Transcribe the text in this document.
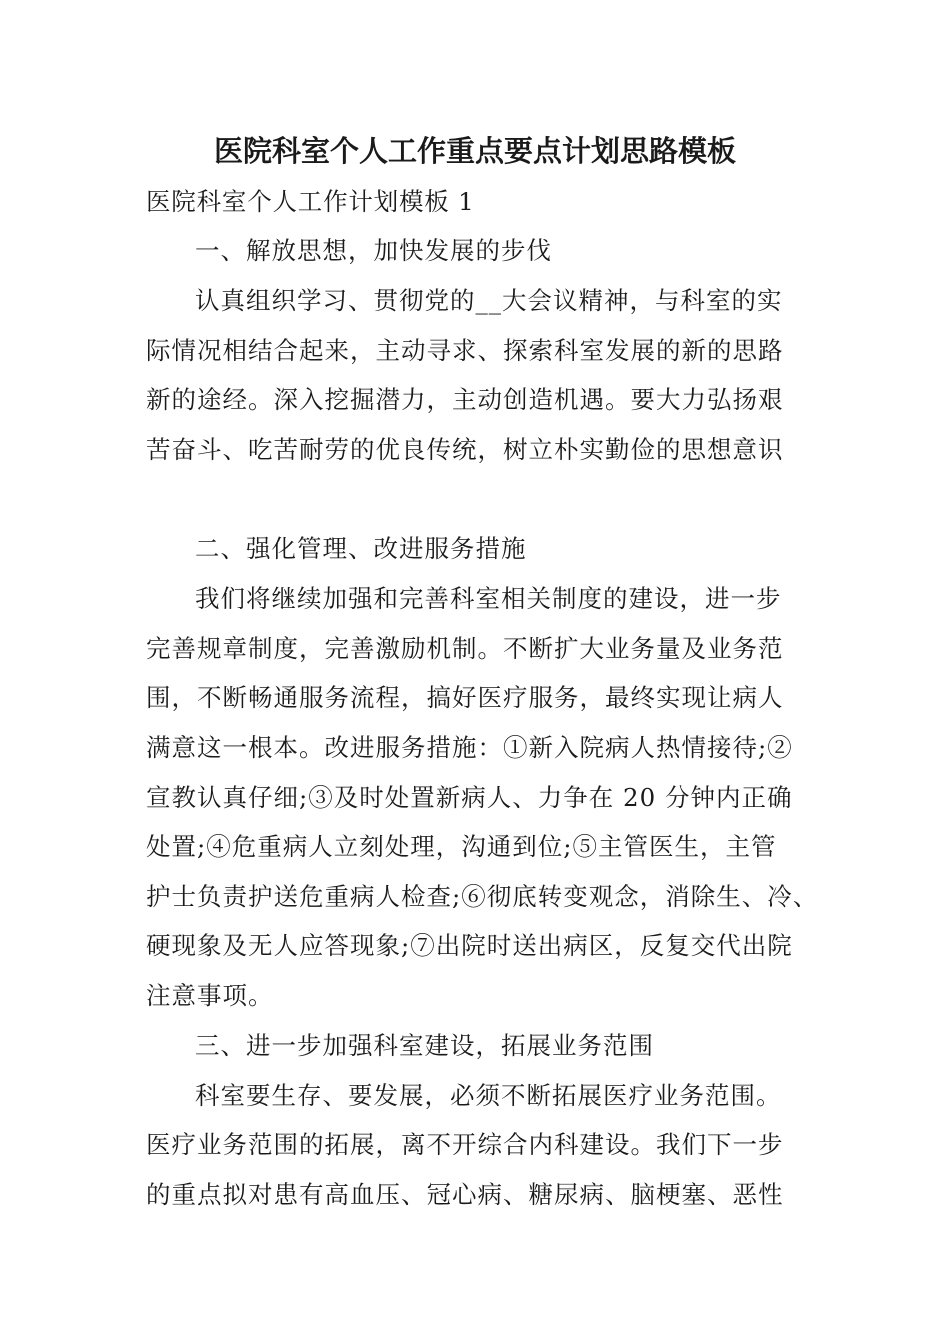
医院科室个人工作重点要点计划思路模板
医院科室个人工作计划模板 1
一、解放思想，加快发展的步伐
认真组织学习、贯彻党的__大会议精神，与科室的实
际情况相结合起来，主动寻求、探索科室发展的新的思路
新的途经。深入挖掘潜力，主动创造机遇。要大力弘扬艰
苦奋斗、吃苦耐劳的优良传统，树立朴实勤俭的思想意识
二、强化管理、改进服务措施
我们将继续加强和完善科室相关制度的建设，进一步
完善规章制度，完善激励机制。不断扩大业务量及业务范
围，不断畅通服务流程，搞好医疗服务，最终实现让病人
满意这一根本。改进服务措施：①新入院病人热情接待;②
宣教认真仔细;③及时处置新病人、力争在 20 分钟内正确
处置;④危重病人立刻处理，沟通到位;⑤主管医生，主管
护士负责护送危重病人检查;⑥彻底转变观念，消除生、冷、
硬现象及无人应答现象;⑦出院时送出病区，反复交代出院
注意事项。
三、进一步加强科室建设，拓展业务范围
科室要生存、要发展，必须不断拓展医疗业务范围。
医疗业务范围的拓展，离不开综合内科建设。我们下一步
的重点拟对患有高血压、冠心病、糖尿病、脑梗塞、恶性
